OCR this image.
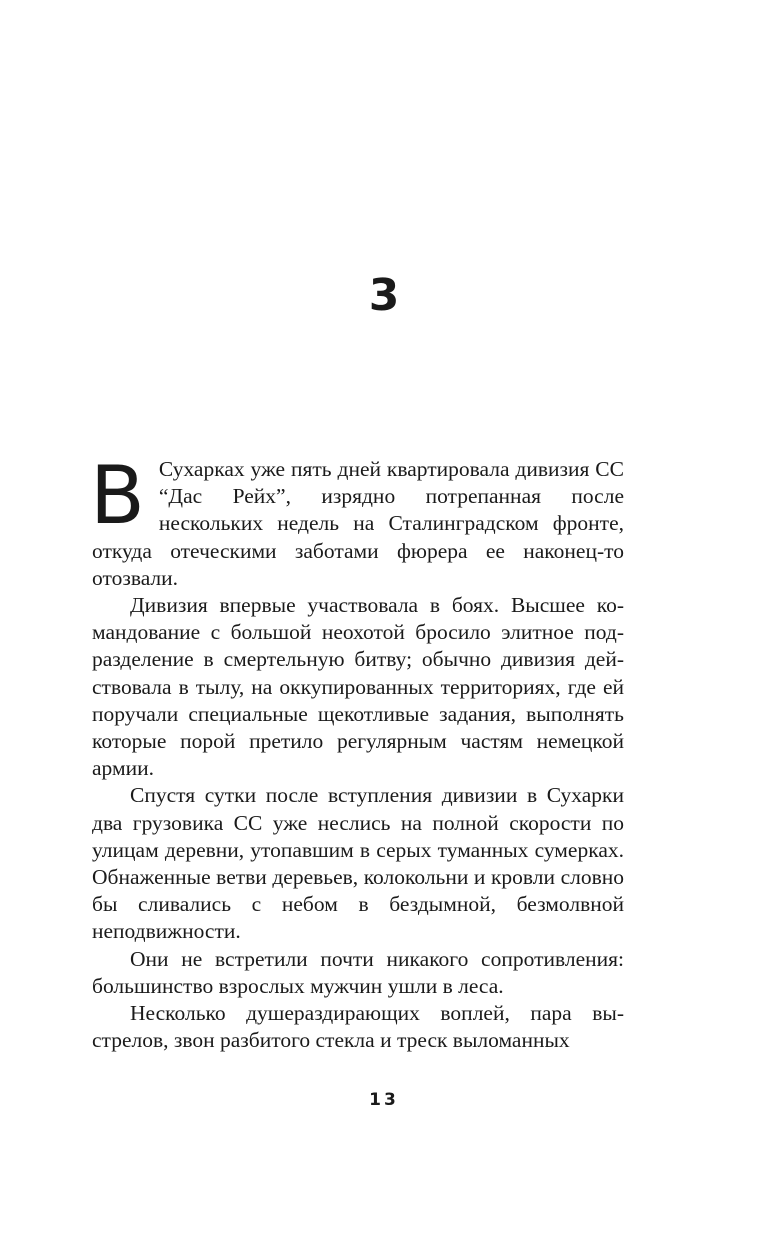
3

В Сухарках уже пять дней квартировала дивизия СС “Дас Рейх”, изрядно потрепанная после нескольких недель на Сталинградском фронте, откуда отеческими заботами фюрера ее наконец-то отозвали.

Дивизия впервые участвовала в боях. Высшее командование с большой неохотой бросило элитное подразделение в смертельную битву; обычно дивизия действовала в тылу, на оккупированных территориях, где ей поручали специальные щекотливые задания, выполнять которые порой претило регулярным частям немецкой армии.

Спустя сутки после вступления дивизии в Сухарки два грузовика СС уже неслись на полной скорости по улицам деревни, утопавшим в серых туманных сумерках. Обнаженные ветви деревьев, колокольни и кровли словно бы сливались с небом в бездымной, безмолвной неподвижности.

Они не встретили почти никакого сопротивления: большинство взрослых мужчин ушли в леса.

Несколько душераздирающих воплей, пара выстрелов, звон разбитого стекла и треск выломанных

13
